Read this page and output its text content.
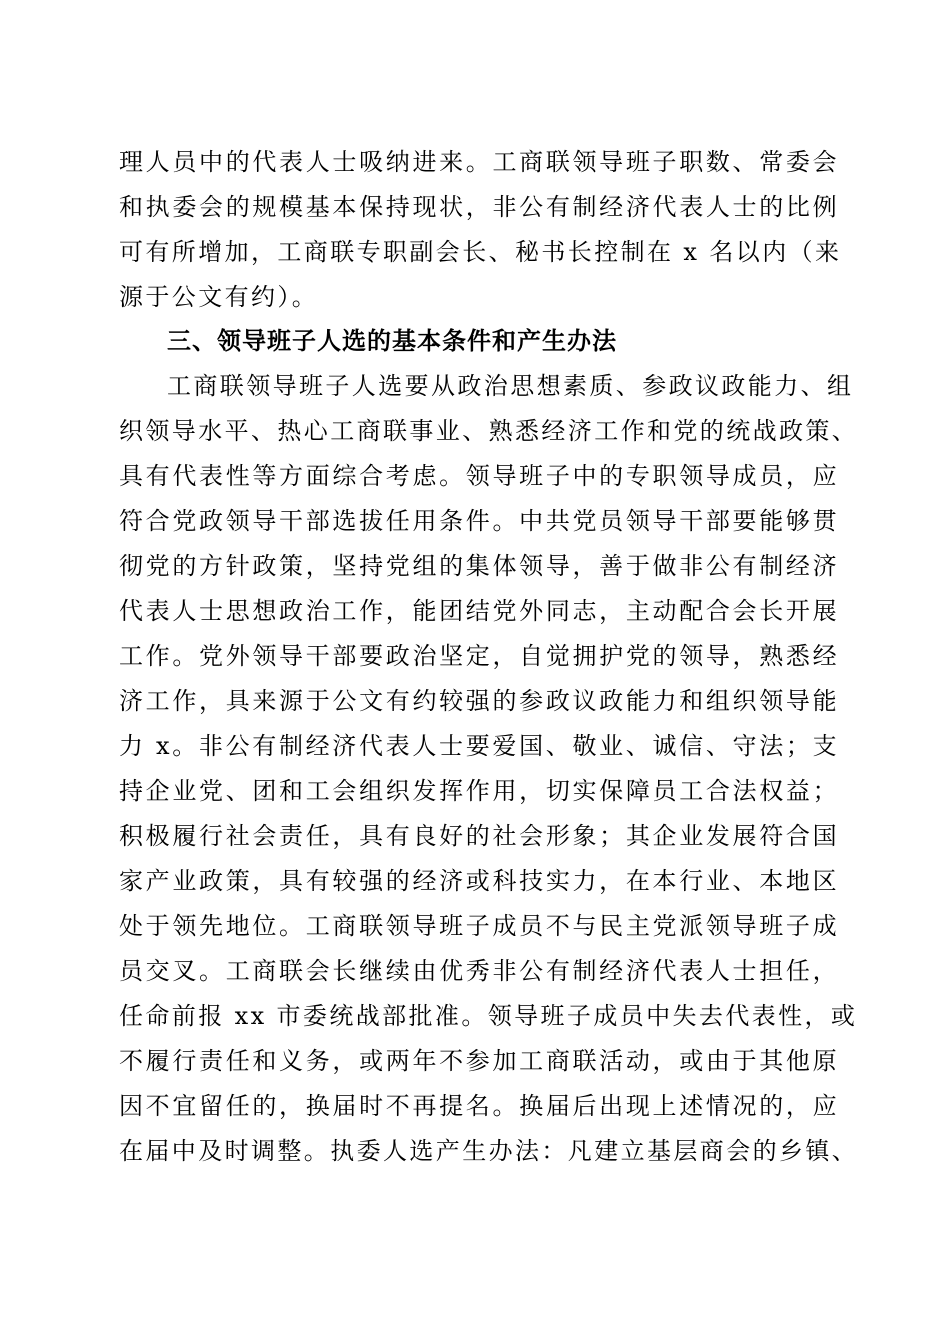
理人员中的代表人士吸纳进来。工商联领导班子职数、常委会
和执委会的规模基本保持现状，非公有制经济代表人士的比例
可有所增加，工商联专职副会长、秘书长控制在 x 名以内（来
源于公文有约）。
三、领导班子人选的基本条件和产生办法
工商联领导班子人选要从政治思想素质、参政议政能力、组
织领导水平、热心工商联事业、熟悉经济工作和党的统战政策、
具有代表性等方面综合考虑。领导班子中的专职领导成员，应
符合党政领导干部选拔任用条件。中共党员领导干部要能够贯
彻党的方针政策，坚持党组的集体领导，善于做非公有制经济
代表人士思想政治工作，能团结党外同志，主动配合会长开展
工作。党外领导干部要政治坚定，自觉拥护党的领导，熟悉经
济工作，具来源于公文有约较强的参政议政能力和组织领导能
力 x。非公有制经济代表人士要爱国、敬业、诚信、守法；支
持企业党、团和工会组织发挥作用，切实保障员工合法权益；
积极履行社会责任，具有良好的社会形象；其企业发展符合国
家产业政策，具有较强的经济或科技实力，在本行业、本地区
处于领先地位。工商联领导班子成员不与民主党派领导班子成
员交叉。工商联会长继续由优秀非公有制经济代表人士担任，
任命前报 xx 市委统战部批准。领导班子成员中失去代表性，或
不履行责任和义务，或两年不参加工商联活动，或由于其他原
因不宜留任的，换届时不再提名。换届后出现上述情况的，应
在届中及时调整。执委人选产生办法：凡建立基层商会的乡镇、
